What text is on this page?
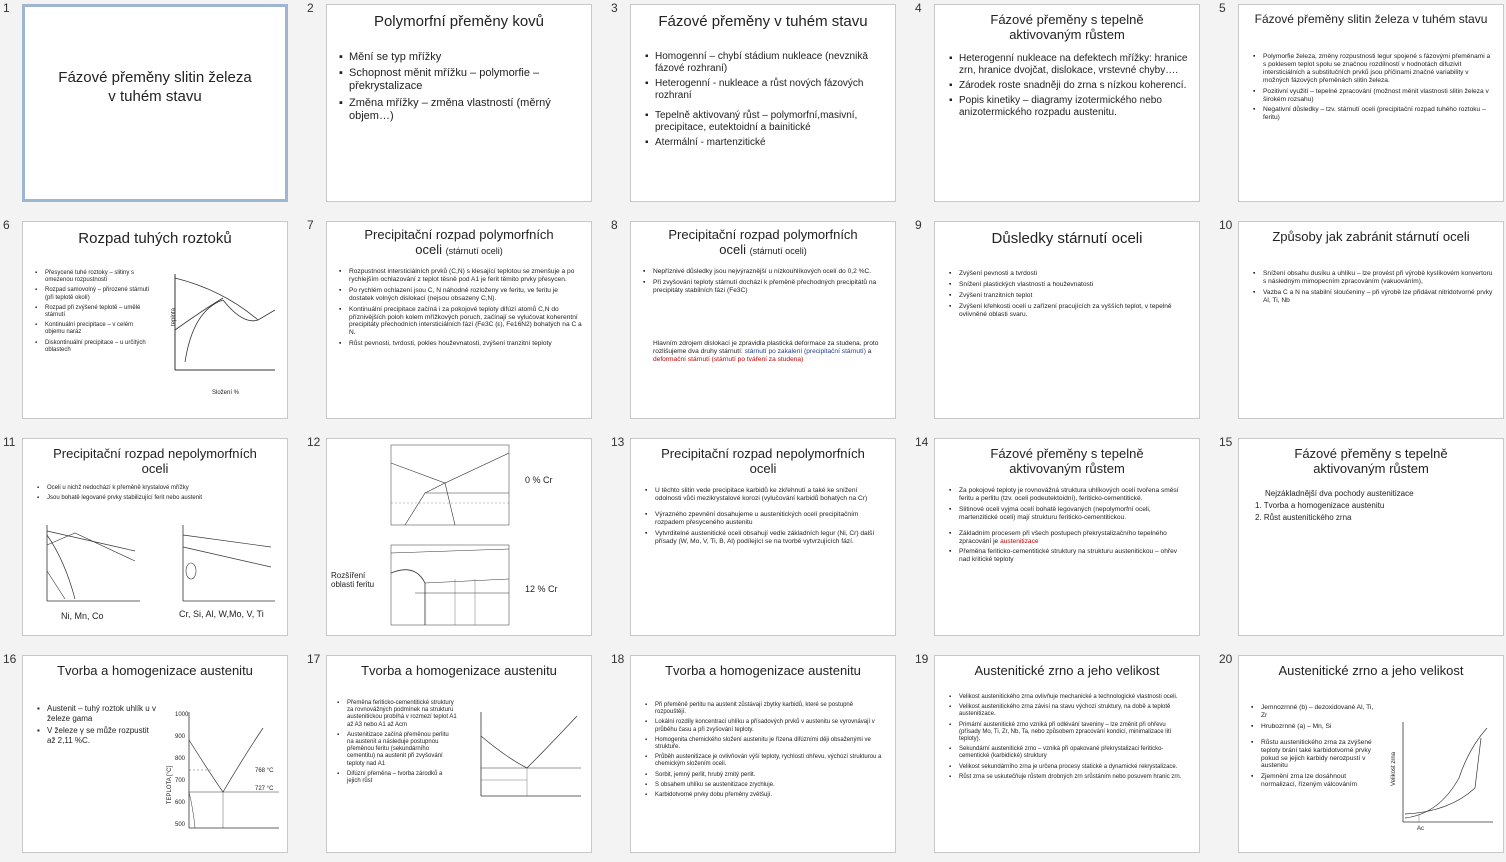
1
Fázové přeměny slitin železa
v tuhém stavu
2
Polymorfní přeměny kovů
▪ Mění se typ mřížky
▪ Schopnost měnit mřížku – polymorfie – překrystalizace
▪ Změna mřížky – změna vlastností (měrný objem…)
3
Fázové přeměny v tuhém stavu
▪ Homogenní – chybí stádium nukleace (nevznikā fázové rozhraní)
▪ Heterogenní - nukleace a růst nových fázových rozhraní
▪ Tepelně aktivovaný růst – polymorfní,masivní, precipitace, eutektoidní a bainitické
▪ Atermální - martenzitické
4
Fázové přeměny s tepelně
aktivovaným růstem
▪ Heterogenní nukleace na defektech mřížky: hranice zrn, hranice dvojčat, dislokace, vrstevné chyby….
▪ Zárodek roste snadněji do zrna s nízkou koherencí.
▪ Popis kinetiky – diagramy izotermického nebo anizotermického rozpadu austenitu.
5
Fázové přeměny slitin železa v tuhém stavu
▪ Polymorfie železa, změny rozpustnosti legur spojené s fázovými přeměnami a s poklesem teplot spolu se značnou rozdílností v hodnotách difuzivit intersticiálních a substitučních prvků jsou příčinami značné variability v možných fázových přeměnách slitin železa.
▪ Pozitivní využití – tepelné zpracování (možnost měnit vlastnosti slitin železa v širokém rozsahu)
▪ Negativní důsledky – tzv. stárnutí oceli (precipitační rozpad tuhého roztoku – feritu)
6
Rozpad tuhých roztoků
▪ Přesycené tuhé roztoky – slitiny s omezenou rozpustností
▪ Rozpad samovolný – přirozené stárnutí (při teplotě okolí)
▪ Rozpad při zvýšené teplotě – umělé stárnutí
▪ Kontinuální precipitace – v celém objemu naráz
▪ Diskontinuální precipitace – u určitých oblastech
Složení %
teplota
7
Precipitační rozpad polymorfních
oceli (stárnutí oceli)
▪ Rozpustnost intersticiálních prvků (C,N) s klesající teplotou se zmenšuje a po rychlejším ochlazování z teplot těsně pod A1 je ferit těmito prvky přesycen.
▪ Po rychlém ochlazení jsou C, N náhodně rozloženy ve feritu, ve feritu je dostatek volných dislokací (nejsou obsazeny C,N).
▪ Kontinuální precipitace začíná i za pokojové teploty difúzí atomů C,N do příznivějších poloh kolem mřížkových poruch, začínají se vylučovat koherentní precipitáty přechodních intersticiálních fází (Fe3C (ε), Fe16N2) bohatých na C a N.
▪ Růst pevnosti, tvrdosti, pokles houževnatosti, zvýšení tranzitní teploty
8
Precipitační rozpad polymorfních
oceli (stárnutí oceli)
▪ Nepříznivé důsledky jsou nejvýraznější u nízkouhlíkových ocelí do 0,2 %C.
▪ Při zvyšování teploty stárnutí dochází k přeměně přechodných precipitátů na precipitáty stabilních fází (Fe3C)
Hlavním zdrojem dislokací je zpravidla plastická deformace za studena, proto rozlišujeme dva druhy stárnutí: stárnutí po zakalení (precipitační stárnutí) a deformační stárnutí (stárnutí po tváření za studena)
9
Důsledky stárnutí oceli
▪ Zvýšení pevnosti a tvrdosti
▪ Snížení plastických vlastností a houževnatosti
▪ Zvýšení tranzitních teplot
▪ Zvýšení křehkosti ocelí u zařízení pracujících za vyšších teplot, v tepelně ovlivněné oblasti svaru.
10
Způsoby jak zabránit stárnutí oceli
▪ Snížení obsahu dusíku a uhlíku – lze provést při výrobě kyslíkovém konvertoru s následným mimopecním zpracováním (vakuováním),
▪ Vazba C a N na stabilní sloučeniny – při výrobě lze přidávat nitridotvorné prvky Al, Ti, Nb
11
Precipitační rozpad nepolymorfních
oceli
▪ Oceli u nichž nedochází k přeměně krystalové mřížky
▪ Jsou bohatě legované prvky stabilizující ferit nebo austenit
Ni, Mn, Co	Cr, Si, Al, W,Mo, V, Ti
12
0 % Cr
12 % Cr
Rozšíření
oblasti feritu
13
Precipitační rozpad nepolymorfních
oceli
▪ U těchto slitin vede precipitace karbidů ke zkřehnutí a také ke snížení odolnosti vůči mezikrystalové korozi (vylučování karbidů bohatých na Cr)
▪ Výrazného zpevnění dosahujeme u austenitických ocelí precipitačním rozpadem přesyceného austenitu
▪ Vytvrditelné austenitické oceli obsahují vedle základních legur (Ni, Cr) další přísady (W, Mo, V, Ti, B, Al) podílející se na tvorbě vytvrzujících fází.
14
Fázové přeměny s tepelně
aktivovaným růstem
▪ Za pokojové teploty je rovnovážná struktura uhlíkových ocelí tvořena směsí feritu a perlitu (tzv. oceli podeutektoidní), feriticko-cementitické.
▪ Slitinové oceli vyjma ocelí bohatě legovaných (nepolymorfní oceli, martenzitické oceli) mají strukturu feriticko-cementitickou.
▪ Základním procesem při všech postupech překrystalizačního tepelného zpracování je austenitizace
▪ Přeměna feriticko-cementitické struktury na strukturu austenitickou – ohřev nad kritické teploty
15
Fázové přeměny s tepelně
aktivovaným růstem
Nejzákladnější dva pochody austenitizace
1. Tvorba a homogenizace austenitu
2. Růst austenitického zrna
16
Tvorba a homogenizace austenitu
▪ Austenit – tuhý roztok uhlík u v železe gama
▪ V železe γ se může rozpustit až 2,11 %C.
TEPLOTA [°C]
1000
900
800
700
600
500
727 °C
768 °C
17
Tvorba a homogenizace austenitu
▪ Přeměna feriticko-cementitické struktury za rovnovážných podmínek na strukturu austenitickou probíhá v rozmezí teplot A1 až A3 nebo A1 až Acm
▪ Austenitizace začíná přeměnou perlitu na austenit a následuje postupnou přeměnou feritu (sekundárního cementitu) na austenit při zvyšování teploty nad A1
▪ Difúzní přeměna – tvorba zárodků a jejich růst
18
Tvorba a homogenizace austenitu
▪ Při přeměně perlitu na austenit zůstávají zbytky karbidů, které se postupně rozpouštějí.
▪ Lokální rozdíly koncentrací uhlíku a přísadových prvků v austenitu se vyrovnávají v průběhu času a při zvyšování teploty.
▪ Homogenita chemického složení austenitu je řízena difúzními ději obsaženými ve struktuře.
▪ Průběh austenitizace je ovlivňován výší teploty, rychlostí ohřevu, výchozí strukturou a chemickým složením oceli.
▪ Sorbit, jemný perlit, hrubý zrnitý perlit.
▪ S obsahem uhlíku se austenitizace zrychluje.
▪ Karbidotvorné prvky dobu přeměny zvětšují.
19
Austenitické zrno a jeho velikost
▪ Velikost austenitického zrna ovlivňuje mechanické a technologické vlastnosti oceli.
▪ Velikost austenitického zrna závisí na stavu výchozí struktury, na době a teplotě austenitizace.
▪ Primární austenitické zrno vzniká při odlévání taveniny – lze změnit při ohřevu (přísady Mo, Ti, Zr, Nb, Ta, nebo způsobem zpracování kondicí, minimalizace lití teploty).
▪ Sekundární austenitické zrno – vzniká při opakované překrystalizaci feriticko-cementické (karbidické) struktury
▪ Velikost sekundárního zrna je určena procesy statické a dynamické rekrystalizace.
▪ Růst zrna se uskutečňuje růstem drobných zrn srůstáním nebo posuvem hranic zrn.
20
Austenitické zrno a jeho velikost
▪ Jemnozrnné (b) – dezoxidované Al, Ti, Zr
▪ Hrubozrnné (a) – Mn, Si
▪ Růstu austenitického zrna za zvýšené teploty brání také karbidotvorné prvky pokud se jejich karbidy nerozpustí v austenitu
▪ Zjemnění zrna lze dosáhnout normalizací, řízeným válcováním	Velikost zrna
Ac
